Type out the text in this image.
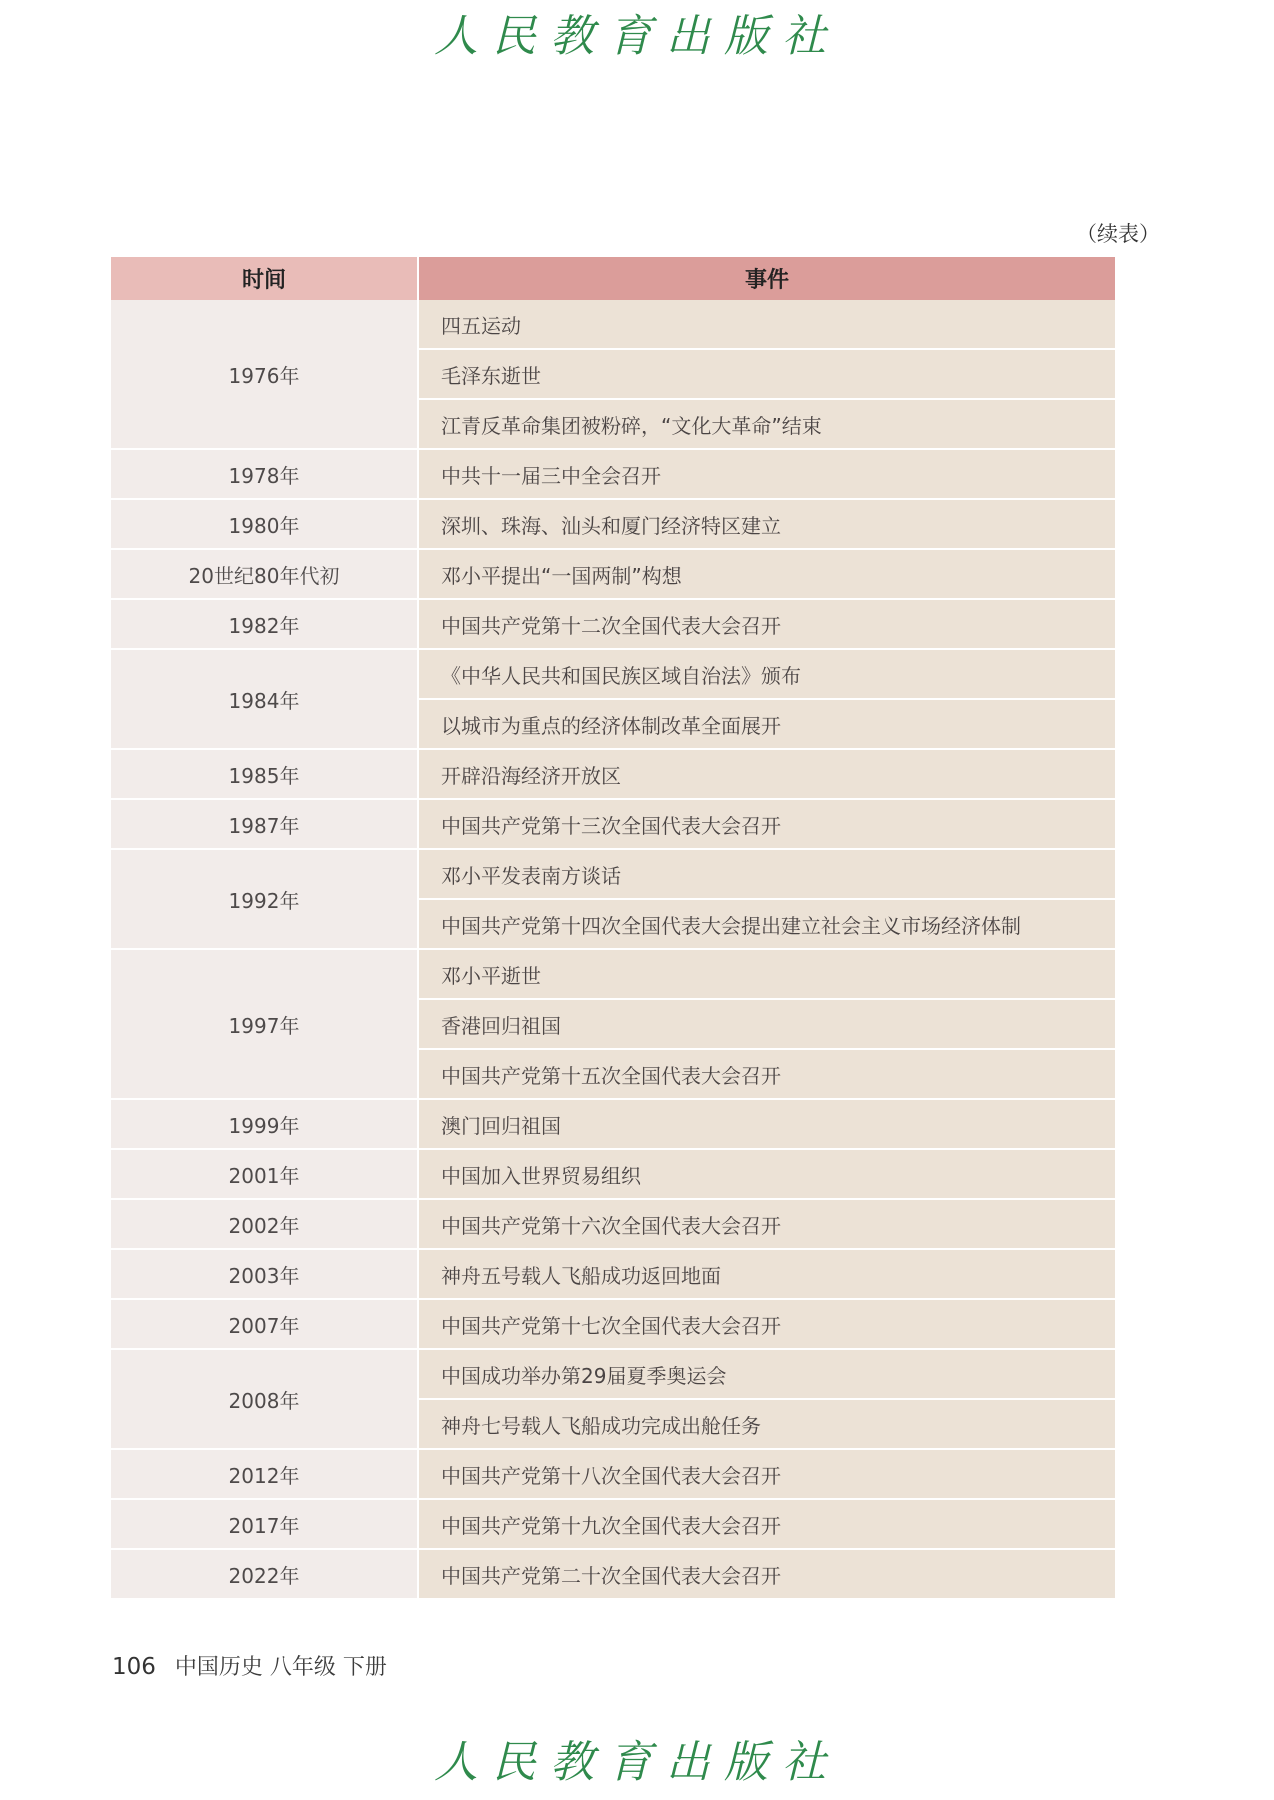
人民教育出版社
（续表）
时间	事件
1976年	四五运动
	毛泽东逝世
	江青反革命集团被粉碎，“文化大革命”结束
1978年	中共十一届三中全会召开
1980年	深圳、珠海、汕头和厦门经济特区建立
20世纪80年代初	邓小平提出“一国两制”构想
1982年	中国共产党第十二次全国代表大会召开
1984年	《中华人民共和国民族区域自治法》颁布
	以城市为重点的经济体制改革全面展开
1985年	开辟沿海经济开放区
1987年	中国共产党第十三次全国代表大会召开
1992年	邓小平发表南方谈话
	中国共产党第十四次全国代表大会提出建立社会主义市场经济体制
1997年	邓小平逝世
	香港回归祖国
	中国共产党第十五次全国代表大会召开
1999年	澳门回归祖国
2001年	中国加入世界贸易组织
2002年	中国共产党第十六次全国代表大会召开
2003年	神舟五号载人飞船成功返回地面
2007年	中国共产党第十七次全国代表大会召开
2008年	中国成功举办第29届夏季奥运会
	神舟七号载人飞船成功完成出舱任务
2012年	中国共产党第十八次全国代表大会召开
2017年	中国共产党第十九次全国代表大会召开
2022年	中国共产党第二十次全国代表大会召开
106 中国历史 八年级 下册
人民教育出版社
